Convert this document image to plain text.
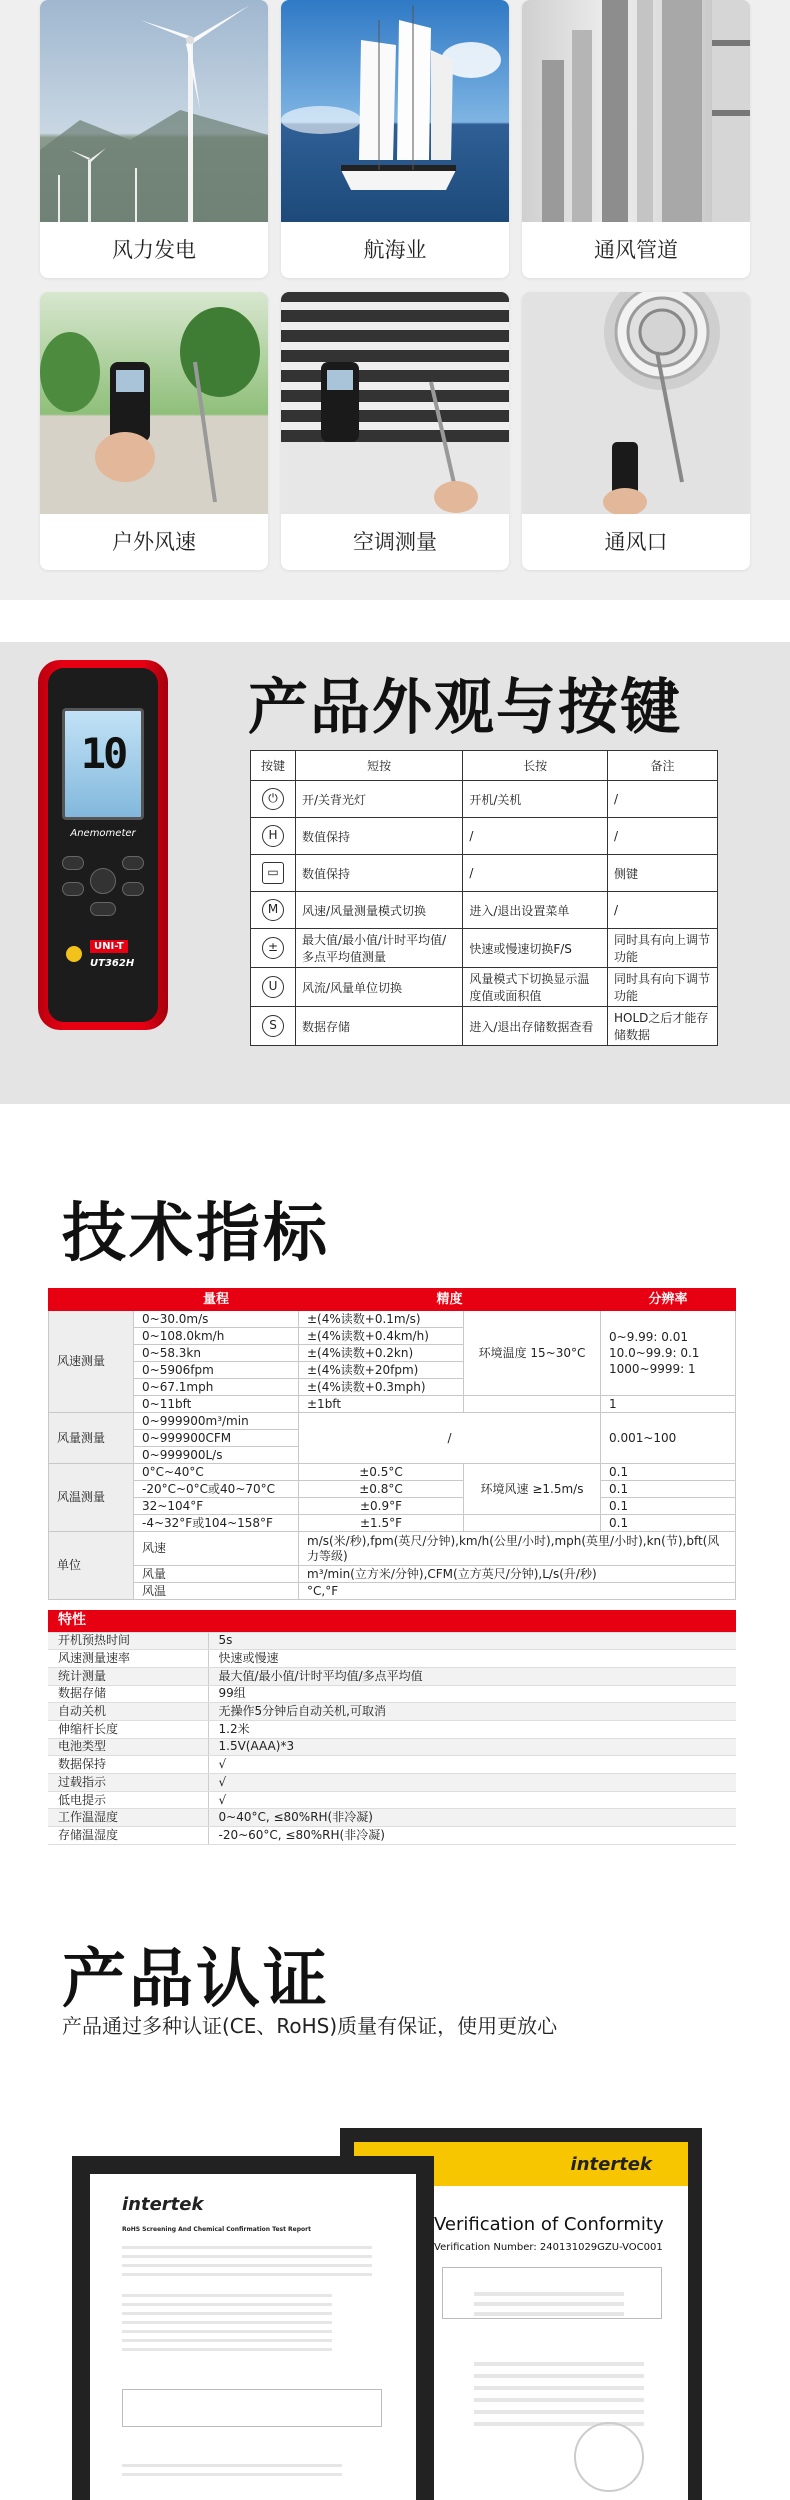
风力发电	航海业	通风管道
户外风速	空调测量	通风口
10
Anemometer
UNI-T
UT362H
产品外观与按键
按键	短按	长按	备注
⏻	开/关背光灯	开机/关机	/
H	数值保持	/	/
▭	数值保持	/	侧键
M	风速/风量测量模式切换	进入/退出设置菜单	/
±	最大值/最小值/计时平均值/多点平均值测量	快速或慢速切换F/S	同时具有向上调节功能
U	风流/风量单位切换	风量模式下切换显示温度值或面积值	同时具有向下调节功能
S	数据存储	进入/退出存储数据查看	HOLD之后才能存储数据
技术指标
	量程	精度		分辨率
风速测量	0~30.0m/s	±(4%读数+0.1m/s)	环境温度 15~30°C	0~9.99: 0.01
10.0~99.9: 0.1
1000~9999: 1

	0~108.0km/h	±(4%读数+0.4km/h)		
	0~58.3kn	±(4%读数+0.2kn)		
	0~5906fpm	±(4%读数+20fpm)		
	0~67.1mph	±(4%读数+0.3mph)		
	0~11bft	±1bft		1
风量测量	0~999900m³/min	/		0.001~100
	0~999900CFM			
	0~999900L/s			
风温测量	0°C~40°C	±0.5°C	环境风速 ≥1.5m/s	0.1
	-20°C~0°C或40~70°C	±0.8°C		0.1
	32~104°F	±0.9°F		0.1
	-4~32°F或104~158°F	±1.5°F		0.1
单位	风速	m/s(米/秒),fpm(英尺/分钟),km/h(公里/小时),mph(英里/小时),kn(节),bft(风力等级)		
	风量	m³/min(立方米/分钟),CFM(立方英尺/分钟),L/s(升/秒)		
	风温	°C,°F		
特性	
开机预热时间	5s
风速测量速率	快速或慢速
统计测量	最大值/最小值/计时平均值/多点平均值
数据存储	99组
自动关机	无操作5分钟后自动关机,可取消
伸缩杆长度	1.2米
电池类型	1.5V(AAA)*3
数据保持	√
过载指示	√
低电提示	√
工作温湿度	0~40°C, ≤80%RH(非冷凝)
存储温湿度	-20~60°C, ≤80%RH(非冷凝)
产品认证
产品通过多种认证(CE、RoHS)质量有保证，使用更放心
intertek
Verification of Conformity
Verification Number: 240131029GZU-VOC001
intertek
RoHS Screening And Chemical Confirmation Test Report
